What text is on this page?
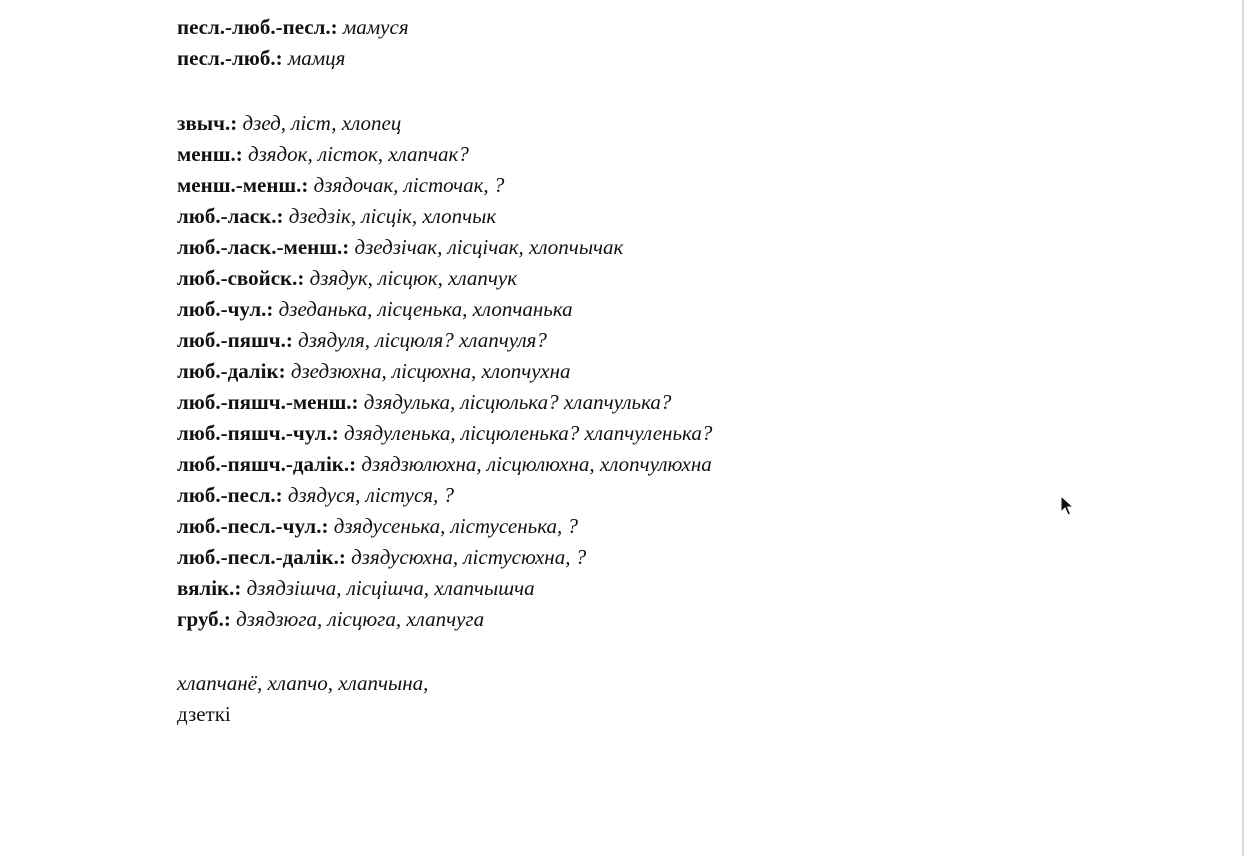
песл.-люб.-песл.: мамуся
песл.-люб.: мамця
звыч.: дзед, ліст, хлопец
менш.: дзядок, лісток, хлапчак?
менш.-менш.: дзядочак, лісточак, ?
люб.-ласк.: дзедзік, лісцік, хлопчык
люб.-ласк.-менш.: дзедзічак, лісцічак, хлопчычак
люб.-свойск.: дзядук, лісцюк, хлапчук
люб.-чул.: дзеданька, лісценька, хлопчанька
люб.-пяшч.: дзядуля, лісцюля? хлапчуля?
люб.-далік: дзедзюхна, лісцюхна, хлопчухна
люб.-пяшч.-менш.: дзядулька, лісцюлька? хлапчулька?
люб.-пяшч.-чул.: дзядуленька, лісцюленька? хлапчуленька?
люб.-пяшч.-далік.: дзядзюлюхна, лісцюлюхна, хлопчулюхна
люб.-песл.: дзядуся, лістуся, ?
люб.-песл.-чул.: дзядусенька, лістусенька, ?
люб.-песл.-далік.: дзядусюхна, лістусюхна, ?
вялік.: дзядзішча, лісцішча, хлапчышча
груб.: дзядзюга, лісцюга, хлапчуга
хлапчанё, хлапчо, хлапчына,
дзеткі
